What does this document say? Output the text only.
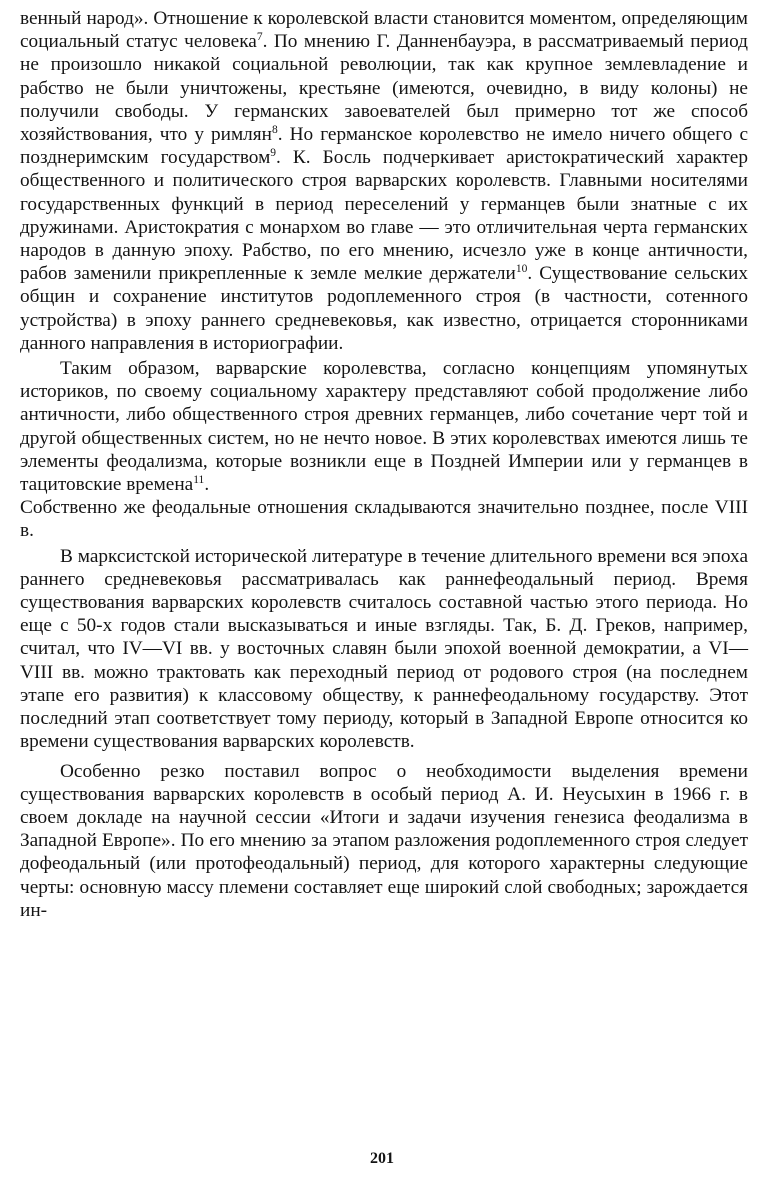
венный народ». Отношение к королевской власти становится моментом, определяющим социальный статус человека$^7$. По мнению Г. Данненбауэра, в рассматриваемый период не произошло никакой социальной революции, так как крупное землевладение и рабство не были уничтожены, крестьяне (имеются, очевидно, в виду колоны) не получили свободы. У германских завоевателей был примерно тот же способ хозяйствования, что у римлян$^8$. Но германское королевство не имело ничего общего с позднеримским государством$^9$. К. Босль подчеркивает аристократический характер общественного и политического строя варварских королевств. Главными носителями государственных функций в период переселений у германцев были знатные с их дружинами. Аристократия с монархом во главе — это отличительная черта германских народов в данную эпоху. Рабство, по его мнению, исчезло уже в конце античности, рабов заменили прикрепленные к земле мелкие держатели$^{10}$. Существование сельских общин и сохранение институтов родоплеменного строя (в частности, сотенного устройства) в эпоху раннего средневековья, как известно, отрицается сторонниками данного направления в историографии.

Таким образом, варварские королевства, согласно концепциям упомянутых историков, по своему социальному характеру представляют собой продолжение либо античности, либо общественного строя древних германцев, либо сочетание черт той и другой общественных систем, но не нечто новое. В этих королевствах имеются лишь те элементы феодализма, которые возникли еще в Поздней Империи или у германцев в тацитовские времена$^{11}$.

Собственно же феодальные отношения складываются значительно позднее, после VIII в.

В марксистской исторической литературе в течение длительного времени вся эпоха раннего средневековья рассматривалась как раннефеодальный период. Время существования варварских королевств считалось составной частью этого периода. Но еще с 50-х годов стали высказываться и иные взгляды. Так, Б. Д. Греков, например, считал, что IV—VI вв. у восточных славян были эпохой военной демократии, а VI—VIII вв. можно трактовать как переходный период от родового строя (на последнем этапе его развития) к классовому обществу, к раннефеодальному государству. Этот последний этап соответствует тому периоду, который в Западной Европе относится ко времени существования варварских королевств.

Особенно резко поставил вопрос о необходимости выделения времени существования варварских королевств в особый период А. И. Неусыхин в 1966 г. в своем докладе на научной сессии «Итоги и задачи изучения генезиса феодализма в Западной Европе». По его мнению за этапом разложения родоплеменного строя следует дофеодальный (или протофеодальный) период, для которого характерны следующие черты: основную массу племени составляет еще широкий слой свободных; зарождается ин-

201
